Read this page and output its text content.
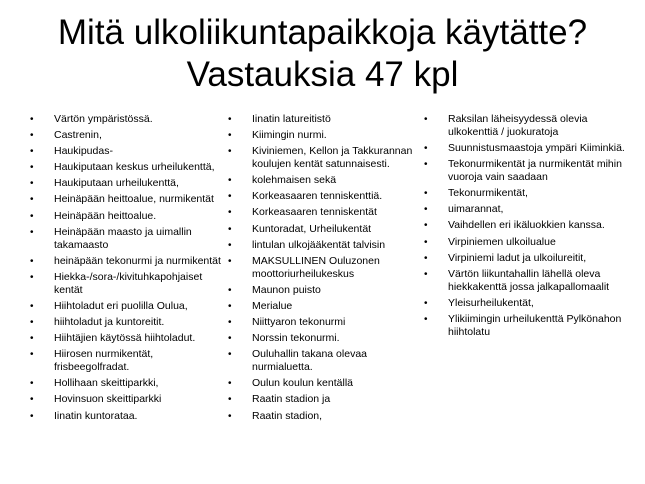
Mitä ulkoliikuntapaikkoja käytätte?
Vastauksia 47 kpl
• Värtön ympäristössä.
• Castrenin,
• Haukipudas-
• Haukiputaan keskus urheilukenttä,
• Haukiputaan urheilukenttä,
• Heinäpään heittoalue, nurmikentät
• Heinäpään heittoalue.
• Heinäpään maasto ja uimallin takamaasto
• heinäpään tekonurmi ja nurmikentät
• Hiekka-/sora-/kivituhkapohjaiset kentät
• Hiihtoladut eri puolilla Oulua,
• hiihtoladut ja kuntoreitit.
• Hiihtäjien käytössä hiihtoladut.
• Hiirosen nurmikentät, frisbeegolfradat.
• Hollihaan skeittiparkki,
• Hovinsuon skeittiparkki
• Iinatin kuntorataa.
• Iinatin latureitistö
• Kiimingin nurmi.
• Kiviniemen, Kellon ja Takkurannan koulujen kentät satunnaisesti.
• kolehmaisen sekä
• Korkeasaaren tenniskenttiä.
• Korkeasaaren tenniskentät
• Kuntoradat, Urheilukentät
• lintulan ulkojääkentät talvisin
• MAKSULLINEN Ouluzonen moottoriurheilukeskus
• Maunon puisto
• Merialue
• Niittyaron tekonurmi
• Norssin tekonurmi.
• Ouluhallin takana olevaa nurmialuetta.
• Oulun koulun kentällä
• Raatin stadion ja
• Raatin stadion,
• Raksilan läheisyydessä olevia ulkokenttiä / juokuratoja
• Suunnistusmaastoja ympäri Kiiminkiä.
• Tekonurmikentät ja nurmikentät mihin vuoroja vain saadaan
• Tekonurmikentät,
• uimarannat,
• Vaihdellen eri ikäluokkien kanssa.
• Virpiniemen ulkoilualue
• Virpiniemi ladut ja ulkoilureitit,
• Värtön liikuntahallin lähellä oleva hiekkakenttä jossa jalkapallomaalit
• Yleisurheilukentät,
• Ylikiimingin urheilukenttä Pylkönahon hiihtolatu
